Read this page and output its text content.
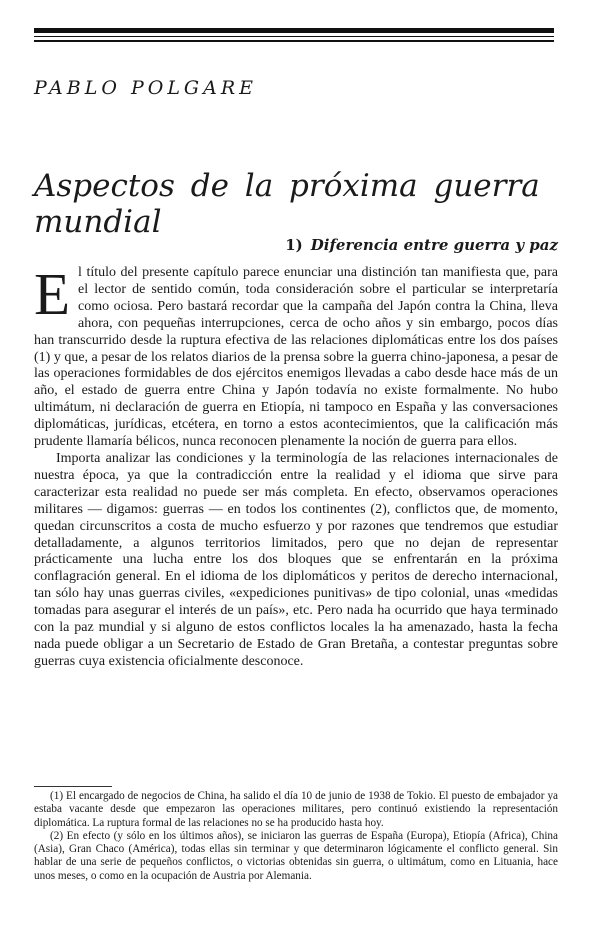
PABLO POLGARE
Aspectos de la próxima guerra mundial
1) Diferencia entre guerra y paz
E l título del presente capítulo parece enunciar una distinción tan manifiesta que, para el lector de sentido común, toda consideración sobre el particular se interpretaría como ociosa. Pero bastará recordar que la campaña del Japón contra la China, lleva ahora, con pequeñas interrupciones, cerca de ocho años y sin embargo, pocos días han transcurrido desde la ruptura efectiva de las relaciones diplomáticas entre los dos países (1) y que, a pesar de los relatos diarios de la prensa sobre la guerra chino-japonesa, a pesar de las operaciones formidables de dos ejércitos enemigos llevadas a cabo desde hace más de un año, el estado de guerra entre China y Japón todavía no existe formalmente. No hubo ultimátum, ni declaración de guerra en Etiopía, ni tampoco en España y las conversaciones diplomáticas, jurídicas, etcétera, en torno a estos acontecimientos, que la calificación más prudente llamaría bélicos, nunca reconocen plenamente la noción de guerra para ellos.

Importa analizar las condiciones y la terminología de las relaciones internacionales de nuestra época, ya que la contradicción entre la realidad y el idioma que sirve para caracterizar esta realidad no puede ser más completa. En efecto, observamos operaciones militares — digamos: guerras — en todos los continentes (2), conflictos que, de momento, quedan circunscritos a costa de mucho esfuerzo y por razones que tendremos que estudiar detalladamente, a algunos territorios limitados, pero que no dejan de representar prácticamente una lucha entre los dos bloques que se enfrentarán en la próxima conflagración general. En el idioma de los diplomáticos y peritos de derecho internacional, tan sólo hay unas guerras civiles, «expediciones punitivas» de tipo colonial, unas «medidas tomadas para asegurar el interés de un país», etc. Pero nada ha ocurrido que haya terminado con la paz mundial y si alguno de estos conflictos locales la ha amenazado, hasta la fecha nada puede obligar a un Secretario de Estado de Gran Bretaña, a contestar preguntas sobre guerras cuya existencia oficialmente desconoce.

(1) El encargado de negocios de China, ha salido el día 10 de junio de 1938 de Tokio. El puesto de embajador ya estaba vacante desde que empezaron las operaciones militares, pero continuó existiendo la representación diplomática. La ruptura formal de las relaciones no se ha producido hasta hoy.

(2) En efecto (y sólo en los últimos años), se iniciaron las guerras de España (Europa), Etiopía (Africa), China (Asia), Gran Chaco (América), todas ellas sin terminar y que determinaron lógicamente el conflicto general. Sin hablar de una serie de pequeños conflictos, o victorias obtenidas sin guerra, o ultimátum, como en Lituania, hace unos meses, o como en la ocupación de Austria por Alemania.
